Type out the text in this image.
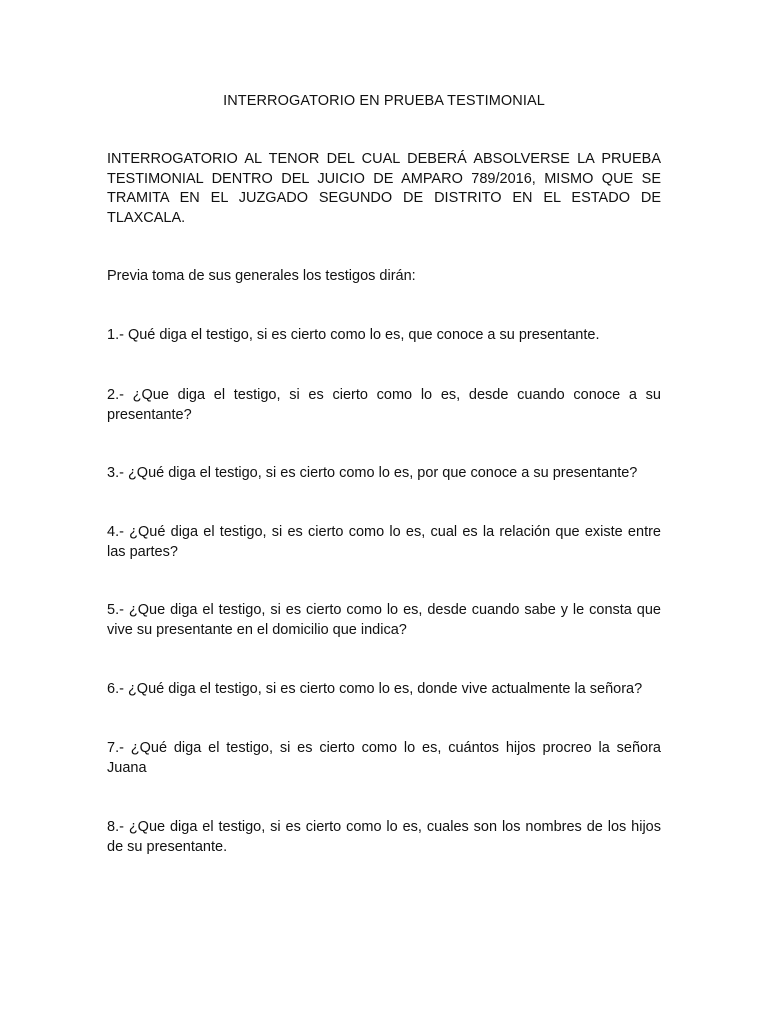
INTERROGATORIO EN PRUEBA TESTIMONIAL

INTERROGATORIO AL TENOR DEL CUAL DEBERÁ ABSOLVERSE LA PRUEBA TESTIMONIAL DENTRO DEL JUICIO DE AMPARO 789/2016, MISMO QUE SE TRAMITA EN EL JUZGADO SEGUNDO DE DISTRITO EN EL ESTADO DE TLAXCALA.

Previa toma de sus generales los testigos dirán:

1.- Qué diga el testigo, si es cierto como lo es, que conoce a su presentante.

2.- ¿Que diga el testigo, si es cierto como lo es, desde cuando conoce a su presentante?

3.- ¿Qué diga el testigo, si es cierto como lo es, por que conoce a su presentante?

4.- ¿Qué diga el testigo, si es cierto como lo es, cual es la relación que existe entre las partes?

5.- ¿Que diga el testigo, si es cierto como lo es, desde cuando sabe y le consta que vive su presentante en el domicilio que indica?

6.- ¿Qué diga el testigo, si es cierto como lo es, donde vive actualmente la señora?

7.- ¿Qué diga el testigo, si es cierto como lo es, cuántos hijos procreo la señora Juana

8.- ¿Que diga el testigo, si es cierto como lo es, cuales son los nombres de los hijos de su presentante.
